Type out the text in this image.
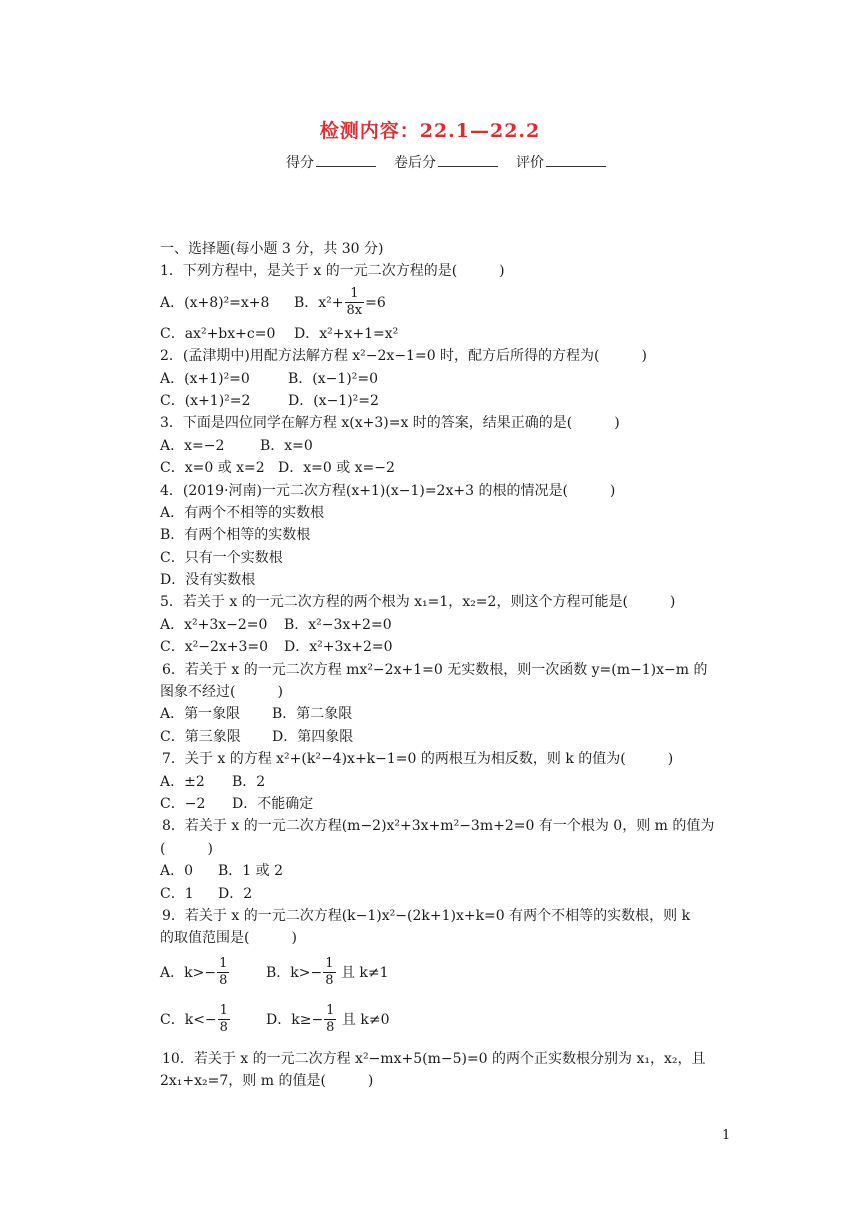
检测内容：22.1—22.2
得分	卷后分	评价
一、选择题(每小题 3 分，共 30 分)
1．下列方程中，是关于 x 的一元二次方程的是(　　　)
A．(x+8)²=x+8 B．$x^2+ \frac{1}{8x} =6$
C．ax²+bx+c=0 D．x²+x+1=x²
2．(孟津期中)用配方法解方程 x²−2x−1=0 时，配方后所得的方程为(　　　)
A．(x+1)²=0	B．(x−1)²=0
C．(x+1)²=2	D．(x−1)²=2
3．下面是四位同学在解方程 x(x+3)=x 时的答案，结果正确的是(　　　)
A．x=−2	B．x=0
C．x=0 或 x=2 D．x=0 或 x=−2
4．(2019·河南)一元二次方程(x+1)(x−1)=2x+3 的根的情况是(　　　)
A．有两个不相等的实数根
B．有两个相等的实数根
C．只有一个实数根
D．没有实数根
5．若关于 x 的一元二次方程的两个根为 x₁=1，x₂=2，则这个方程可能是(　　　)
A．x²+3x−2=0 B．x²−3x+2=0
C．x²−2x+3=0 D．x²+3x+2=0
6．若关于 x 的一元二次方程 mx²−2x+1=0 无实数根，则一次函数 y=(m−1)x−m 的
图象不经过(　　　)
A．第一象限 B．第二象限
C．第三象限 D．第四象限
7．关于 x 的方程 x²+(k²−4)x+k−1=0 的两根互为相反数，则 k 的值为(　　　)
A．±2 B．2
C．−2 D．不能确定
8．若关于 x 的一元二次方程(m−2)x²+3x+m²−3m+2=0 有一个根为 0，则 m 的值为
(　　　)
A．0 B．1 或 2
C．1 D．2
9．若关于 x 的一元二次方程(k−1)x²−(2k+1)x+k=0 有两个不相等的实数根，则 k
的取值范围是(　　　)
A．$k>- \frac{1}{8}$	B．$k>- \frac{1}{8}$ 且 k≠1
C．$k<- \frac{1}{8}$	D．$k\ge- \frac{1}{8}$ 且 k≠0
10．若关于 x 的一元二次方程 x²−mx+5(m−5)=0 的两个正实数根分别为 x₁，x₂，且
2x₁+x₂=7，则 m 的值是(　　　)
1
